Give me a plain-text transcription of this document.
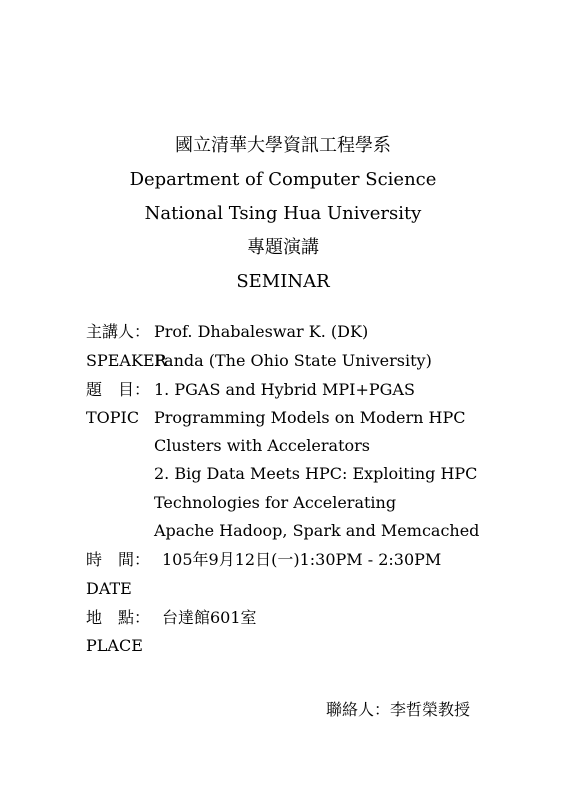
國立清華大學資訊工程學系
Department of Computer Science
National Tsing Hua University
專題演講
SEMINAR
主講人： Prof. Dhabaleswar K. (DK)
SPEAKER
Panda (The Ohio State University)
題　目： 1. PGAS and Hybrid MPI+PGAS
TOPIC Programming Models on Modern HPC
Clusters with Accelerators
2. Big Data Meets HPC: Exploiting HPC
Technologies for Accelerating
Apache Hadoop, Spark and Memcached
時　間： 105年9月12日(一)1:30PM - 2:30PM
DATE
地　點： 台達館601室
PLACE
聯絡人：李哲榮教授
